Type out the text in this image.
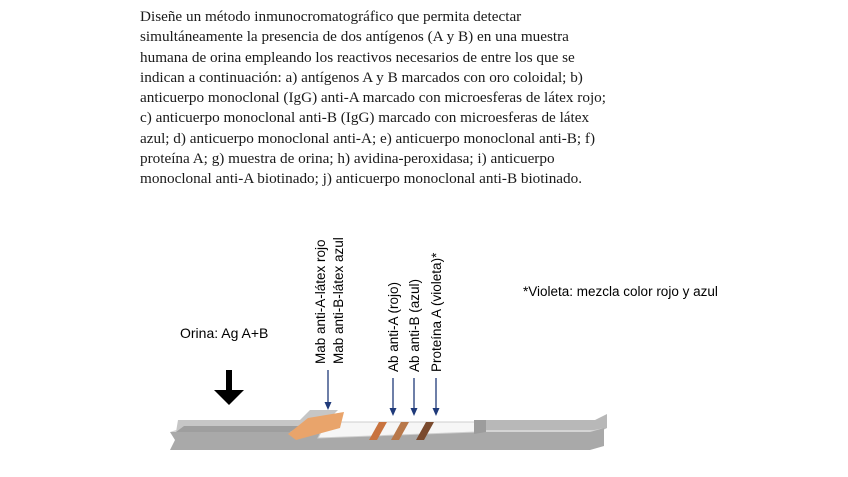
Diseñe un método inmunocromatográfico que permita detectar
simultáneamente la presencia de dos antígenos (A y B) en una muestra
humana de orina empleando los reactivos necesarios de entre los que se
indican a continuación: a) antígenos A y B marcados con oro coloidal; b)
anticuerpo monoclonal (IgG) anti-A marcado con microesferas de látex rojo;
c) anticuerpo monoclonal anti-B (IgG) marcado con microesferas de látex
azul; d) anticuerpo monoclonal anti-A; e) anticuerpo monoclonal anti-B; f)
proteína A; g) muestra de orina; h) avidina-peroxidasa; i) anticuerpo
monoclonal anti-A biotinado; j) anticuerpo monoclonal anti-B biotinado.
Orina: Ag A+B
*Violeta: mezcla color rojo y azul
Mab anti-A-látex rojo Mab anti-B-látex azul	Ab anti-A (rojo) Ab anti-B (azul) Proteína A (violeta)*
